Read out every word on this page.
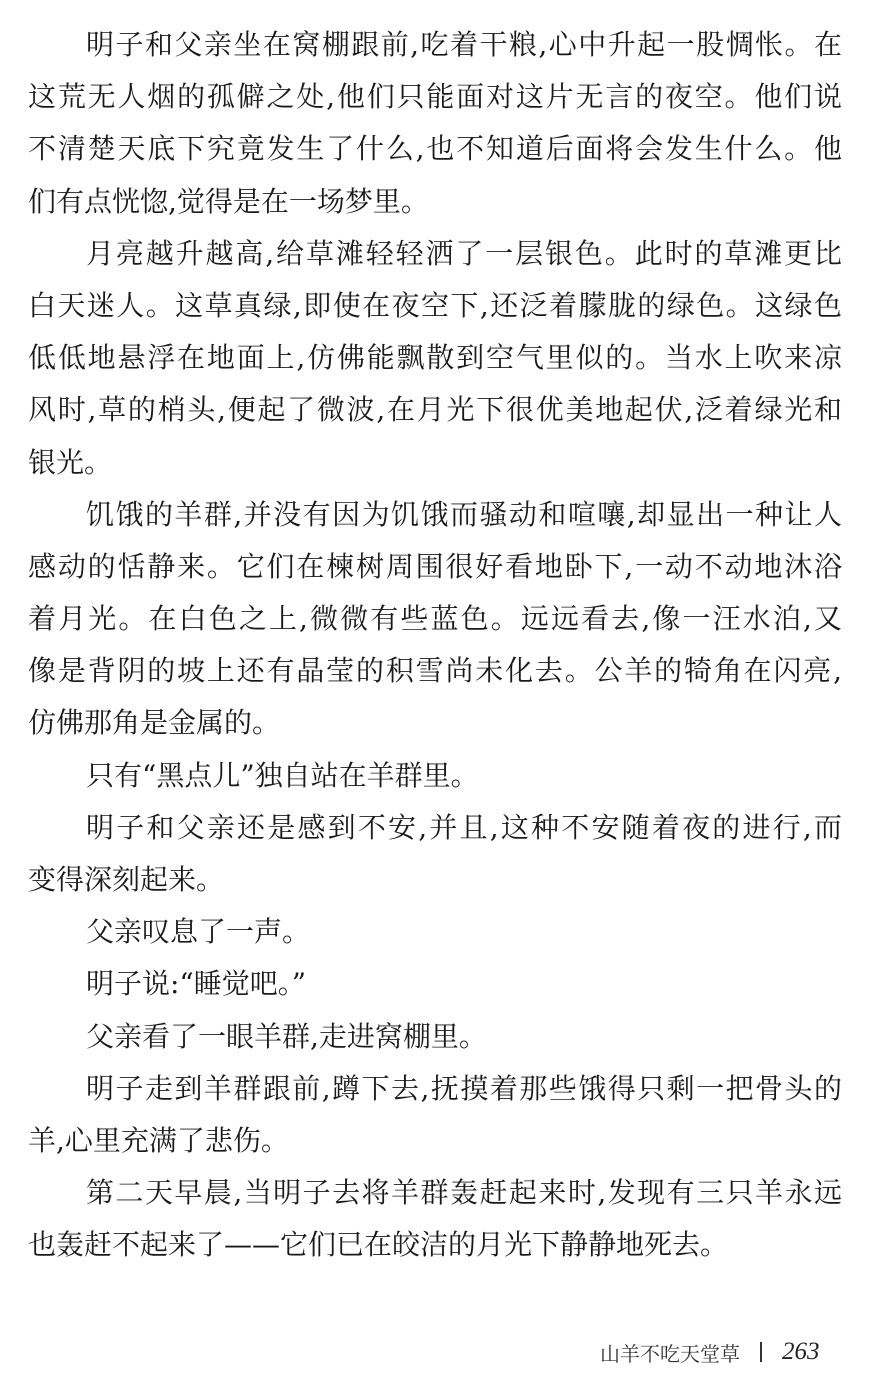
明子和父亲坐在窝棚跟前,吃着干粮,心中升起一股惆怅。在
这荒无人烟的孤僻之处,他们只能面对这片无言的夜空。他们说
不清楚天底下究竟发生了什么,也不知道后面将会发生什么。他
们有点恍惚,觉得是在一场梦里。
月亮越升越高,给草滩轻轻洒了一层银色。此时的草滩更比
白天迷人。这草真绿,即使在夜空下,还泛着朦胧的绿色。这绿色
低低地悬浮在地面上,仿佛能飘散到空气里似的。当水上吹来凉
风时,草的梢头,便起了微波,在月光下很优美地起伏,泛着绿光和
银光。
饥饿的羊群,并没有因为饥饿而骚动和喧嚷,却显出一种让人
感动的恬静来。它们在楝树周围很好看地卧下,一动不动地沐浴
着月光。在白色之上,微微有些蓝色。远远看去,像一汪水泊,又
像是背阴的坡上还有晶莹的积雪尚未化去。公羊的犄角在闪亮,
仿佛那角是金属的。
只有“黑点儿”独自站在羊群里。
明子和父亲还是感到不安,并且,这种不安随着夜的进行,而
变得深刻起来。
父亲叹息了一声。
明子说:“睡觉吧。”
父亲看了一眼羊群,走进窝棚里。
明子走到羊群跟前,蹲下去,抚摸着那些饿得只剩一把骨头的
羊,心里充满了悲伤。
第二天早晨,当明子去将羊群轰赶起来时,发现有三只羊永远
也轰赶不起来了——它们已在皎洁的月光下静静地死去。
山羊不吃天堂草 263
